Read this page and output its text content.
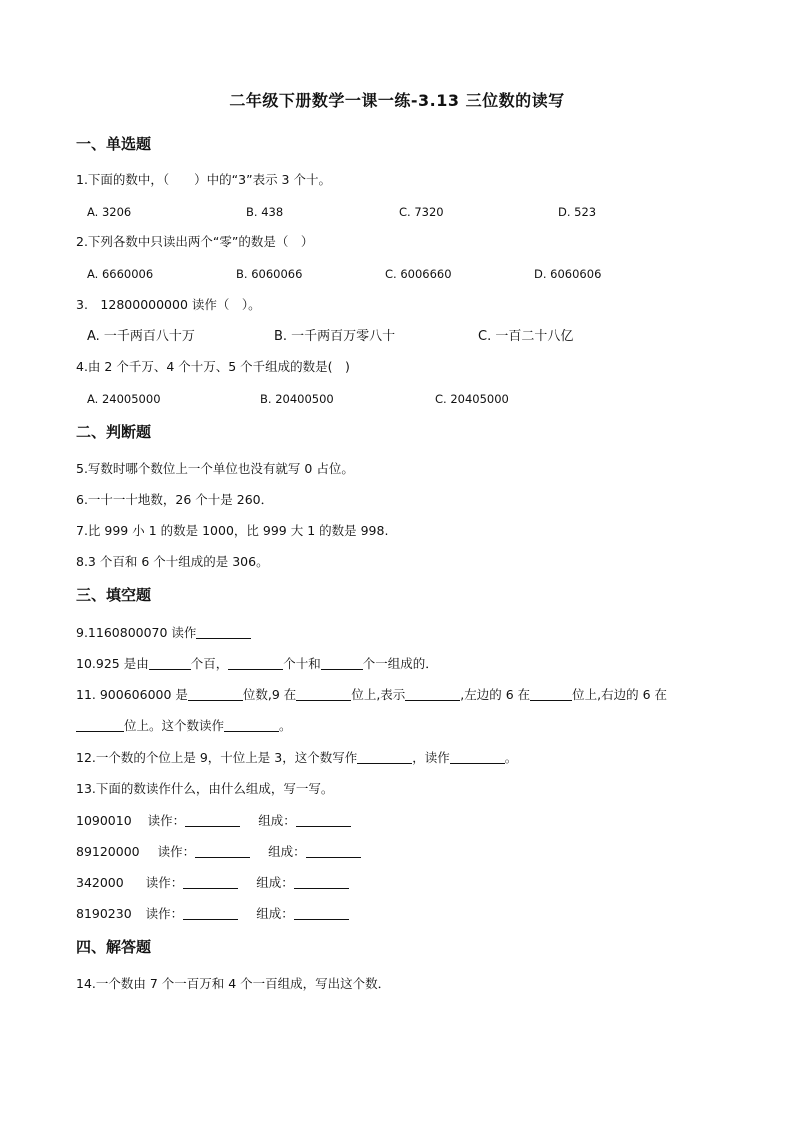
二年级下册数学一课一练-3.13 三位数的读写
一、单选题
1.下面的数中，（　　）中的“3”表示 3 个十。
A. 3206	B. 438	C. 7320	D. 523
2.下列各数中只读出两个“零”的数是（　）
A. 6660006	B. 6060066	C. 6006660	D. 6060606
3.　12800000000 读作（　）。
A. 一千两百八十万	B. 一千两百万零八十	C. 一百二十八亿
4.由 2 个千万、4 个十万、5 个千组成的数是(　)
A. 24005000	B. 20400500	C. 20405000
二、判断题
5.写数时哪个数位上一个单位也没有就写 0 占位。
6.一十一十地数，26 个十是 260．
7.比 999 小 1 的数是 1000，比 999 大 1 的数是 998.
8.3 个百和 6 个十组成的是 306。
三、填空题
9.1160800070 读作
10.925 是由	个百，	个十和	个一组成的．
11. 900606000 是	位数,9 在	位上,表示	,左边的 6 在	位上,右边的 6 在
位上。这个数读作	。
12.一个数的个位上是 9，十位上是 3，这个数写作	，读作	。
13.下面的数读作什么，由什么组成，写一写。
1090010 读作：	组成：
89120000 读作：	组成：
342000 读作：	组成：
8190230 读作：	组成：
四、解答题
14.一个数由 7 个一百万和 4 个一百组成，写出这个数．
